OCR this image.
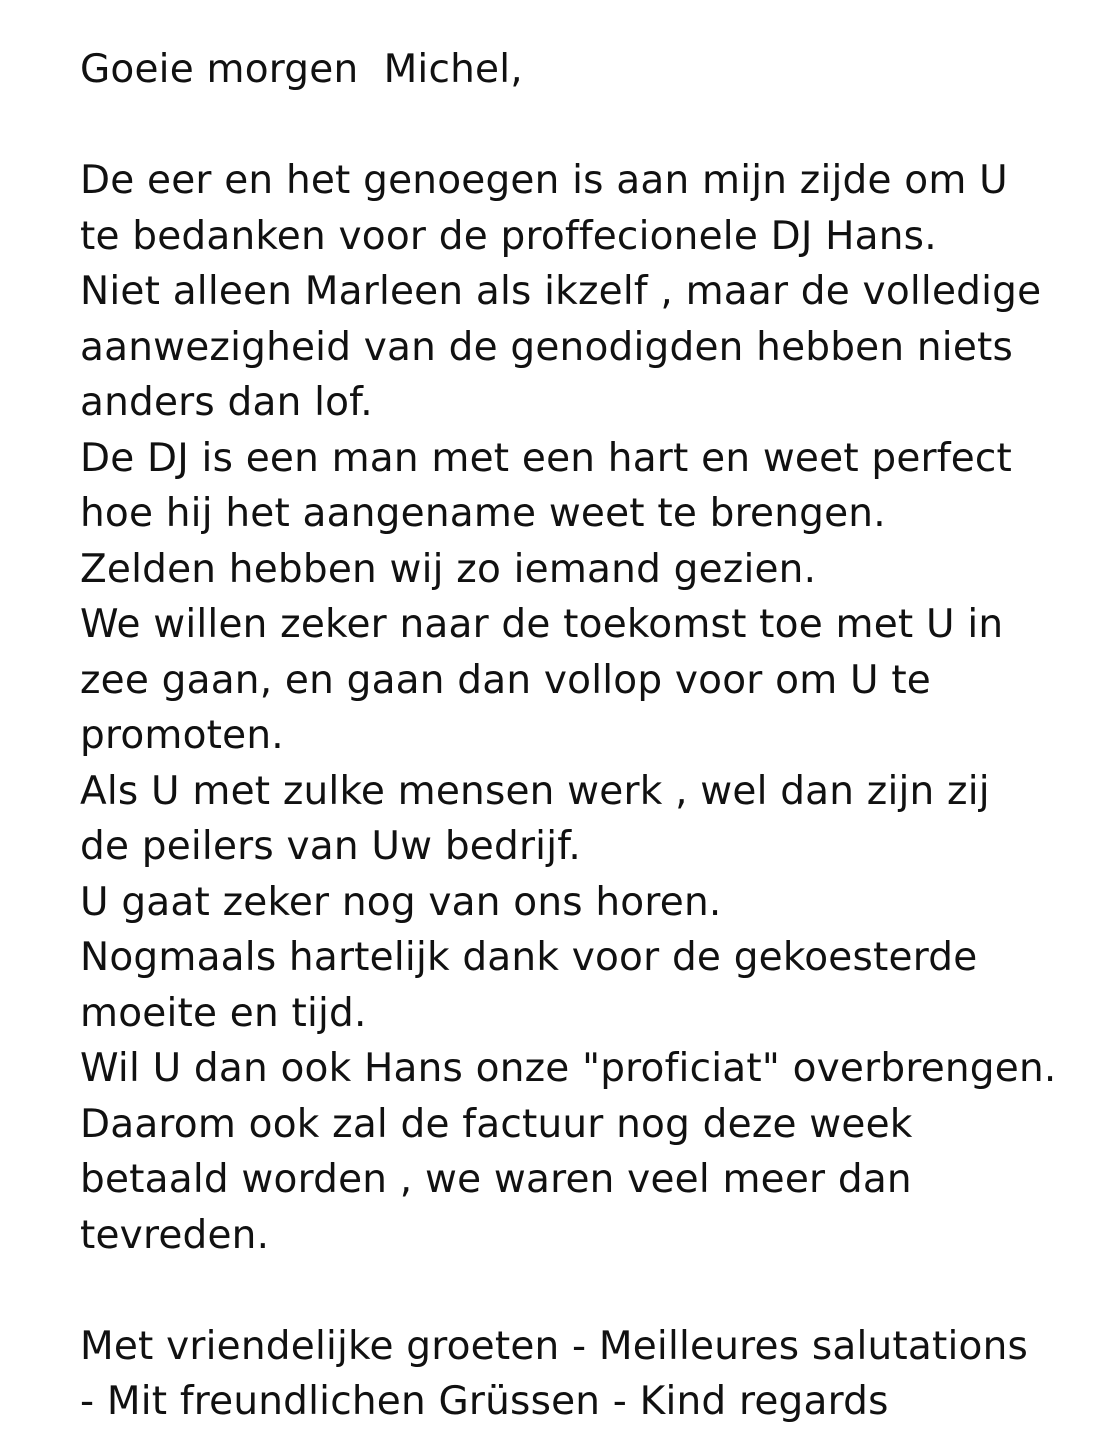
Goeie morgen  Michel,
De eer en het genoegen is aan mijn zijde om U
te bedanken voor de proffecionele DJ Hans.
Niet alleen Marleen als ikzelf , maar de volledige
aanwezigheid van de genodigden hebben niets
anders dan lof.
De DJ is een man met een hart en weet perfect
hoe hij het aangename weet te brengen.
Zelden hebben wij zo iemand gezien.
We willen zeker naar de toekomst toe met U in
zee gaan, en gaan dan vollop voor om U te
promoten.
Als U met zulke mensen werk , wel dan zijn zij
de peilers van Uw bedrijf.
U gaat zeker nog van ons horen.
Nogmaals hartelijk dank voor de gekoesterde
moeite en tijd.
Wil U dan ook Hans onze "proficiat" overbrengen.
Daarom ook zal de factuur nog deze week
betaald worden , we waren veel meer dan
tevreden.
Met vriendelijke groeten - Meilleures salutations
- Mit freundlichen Grüssen - Kind regards
